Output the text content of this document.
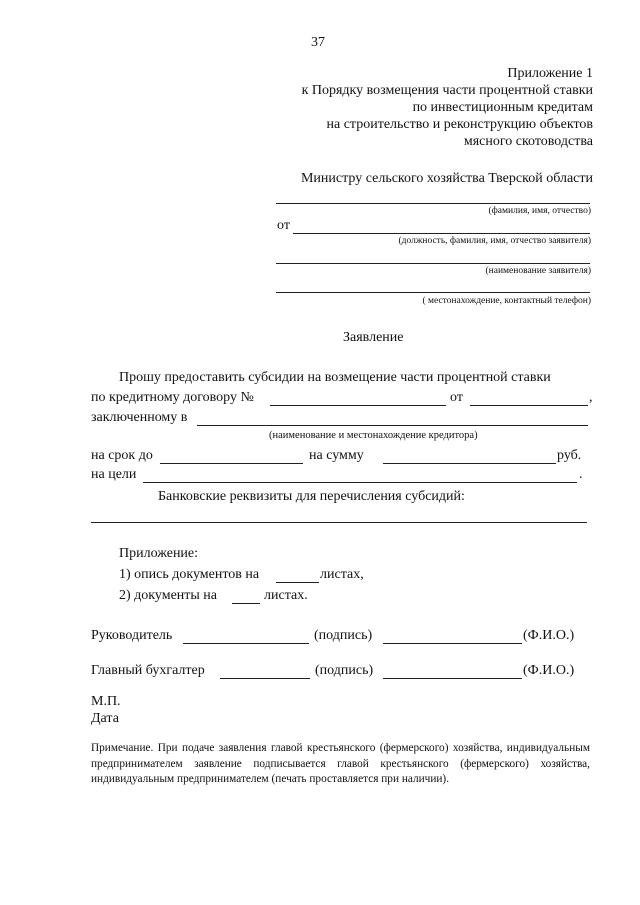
37
Приложение 1
к Порядку возмещения части процентной ставки
по инвестиционным кредитам
на строительство и реконструкцию объектов
мясного скотоводства
Министру сельского хозяйства Тверской области
(фамилия, имя, отчество)
от
(должность, фамилия, имя, отчество заявителя)
(наименование заявителя)
( местонахождение, контактный телефон)
Заявление
Прошу предоставить субсидии на возмещение части процентной ставки
по кредитному договору №	от	,
заключенному в
(наименование и местонахождение кредитора)
на срок до	на сумму	руб.
на цели	.
Банковские реквизиты для перечисления субсидий:
Приложение:
1) опись документов на	листах,
2) документы на	листах.
Руководитель	(подпись)	(Ф.И.О.)
Главный бухгалтер	(подпись)	(Ф.И.О.)
М.П.
Дата
Примечание. При подаче заявления главой крестьянского (фермерского) хозяйства, индивидуальным предпринимателем заявление подписывается главой крестьянского (фермерского) хозяйства, индивидуальным предпринимателем (печать проставляется при наличии).
